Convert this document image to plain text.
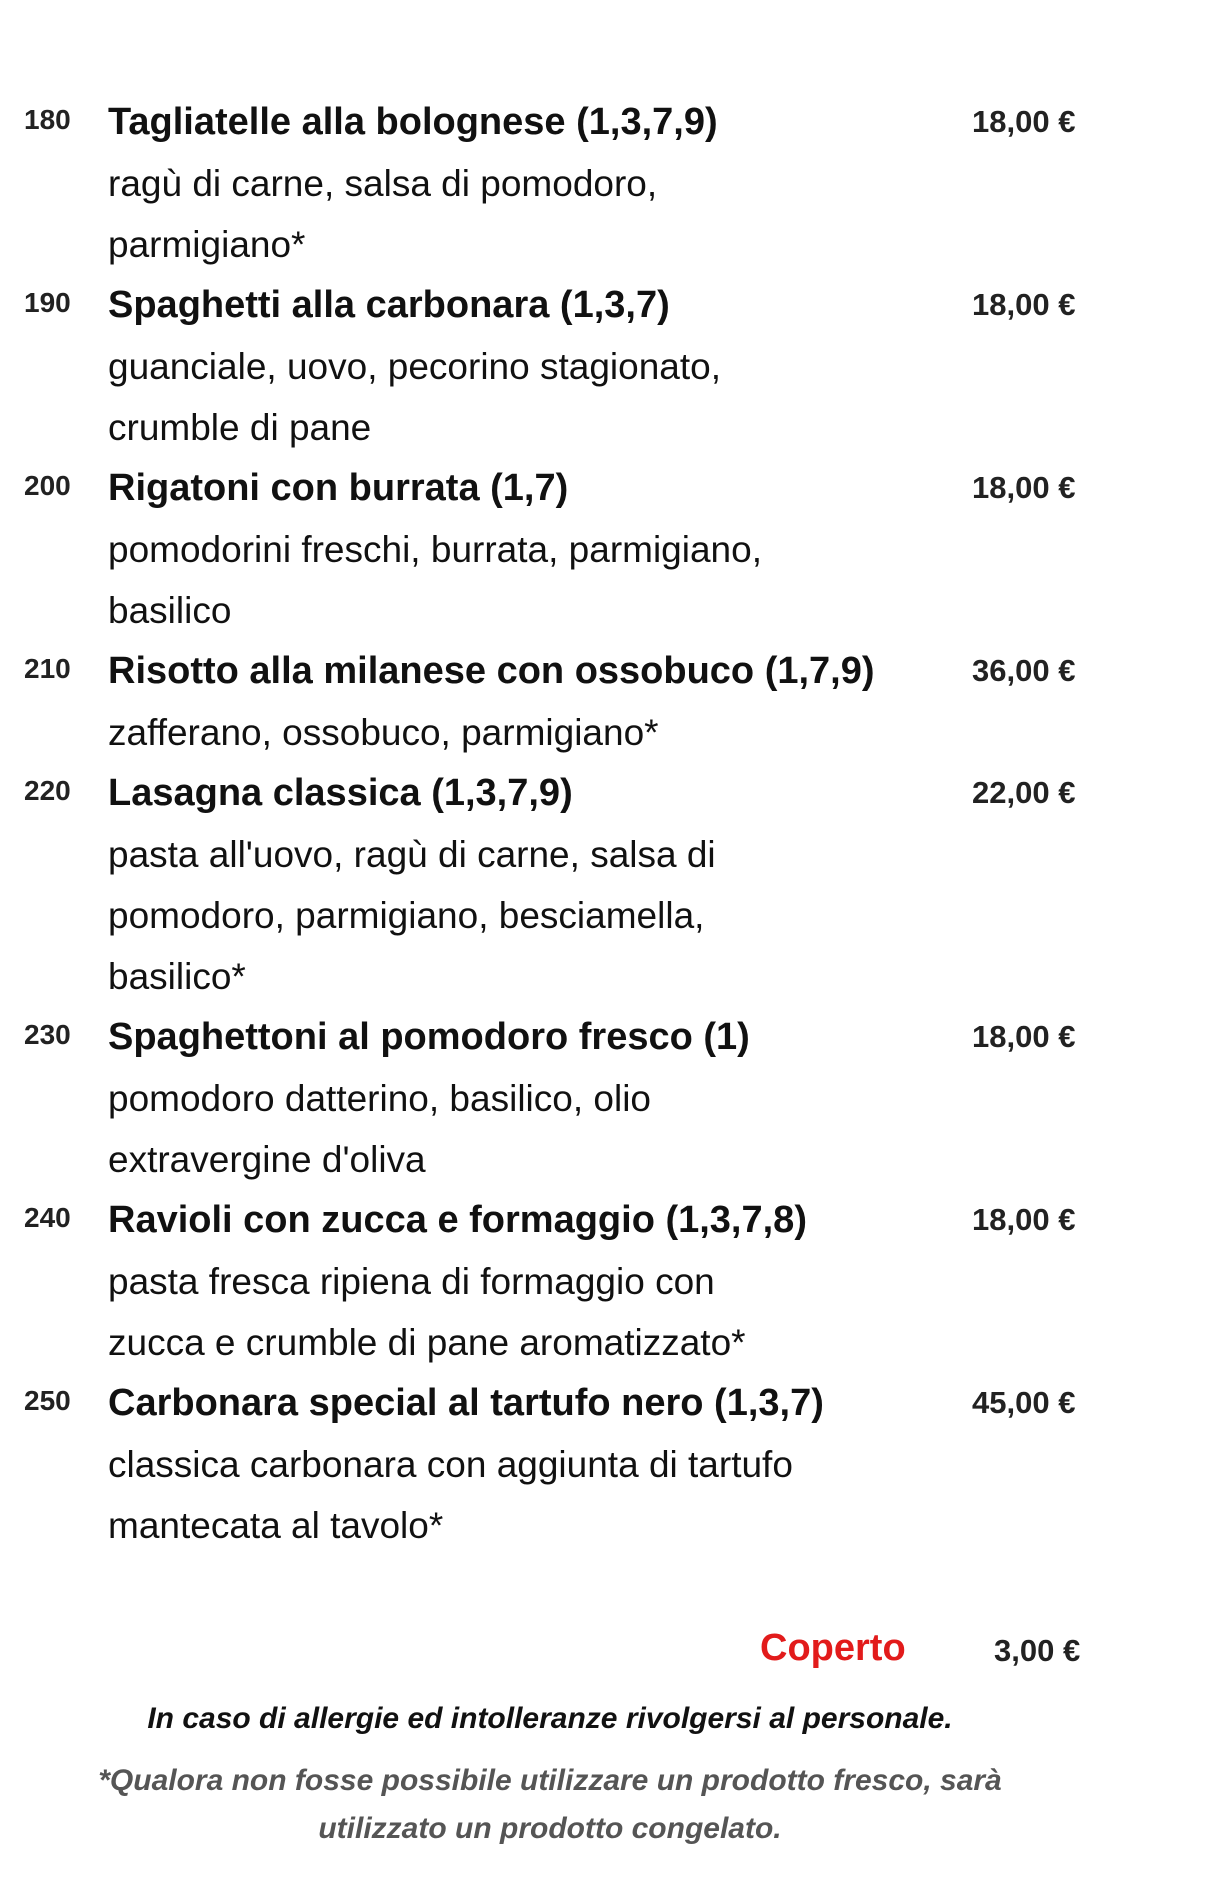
180 Tagliatelle alla bolognese (1,3,7,9)
ragù di carne, salsa di pomodoro,
parmigiano*
18,00 €
190 Spaghetti alla carbonara (1,3,7)
guanciale, uovo, pecorino stagionato,
crumble di pane
18,00 €
200 Rigatoni con burrata (1,7)
pomodorini freschi, burrata, parmigiano,
basilico
18,00 €
210 Risotto alla milanese con ossobuco (1,7,9)
zafferano, ossobuco, parmigiano*
36,00 €
220 Lasagna classica (1,3,7,9)
pasta all'uovo, ragù di carne, salsa di
pomodoro, parmigiano, besciamella,
basilico*
22,00 €
230 Spaghettoni al pomodoro fresco (1)
pomodoro datterino, basilico, olio
extravergine d'oliva
18,00 €
240 Ravioli con zucca e formaggio (1,3,7,8)
pasta fresca ripiena di formaggio con
zucca e crumble di pane aromatizzato*
18,00 €
250 Carbonara special al tartufo nero (1,3,7)
classica carbonara con aggiunta di tartufo
mantecata al tavolo*
45,00 €
Coperto	3,00 €
In caso di allergie ed intolleranze rivolgersi al personale.
*Qualora non fosse possibile utilizzare un prodotto fresco, sarà
utilizzato un prodotto congelato.
